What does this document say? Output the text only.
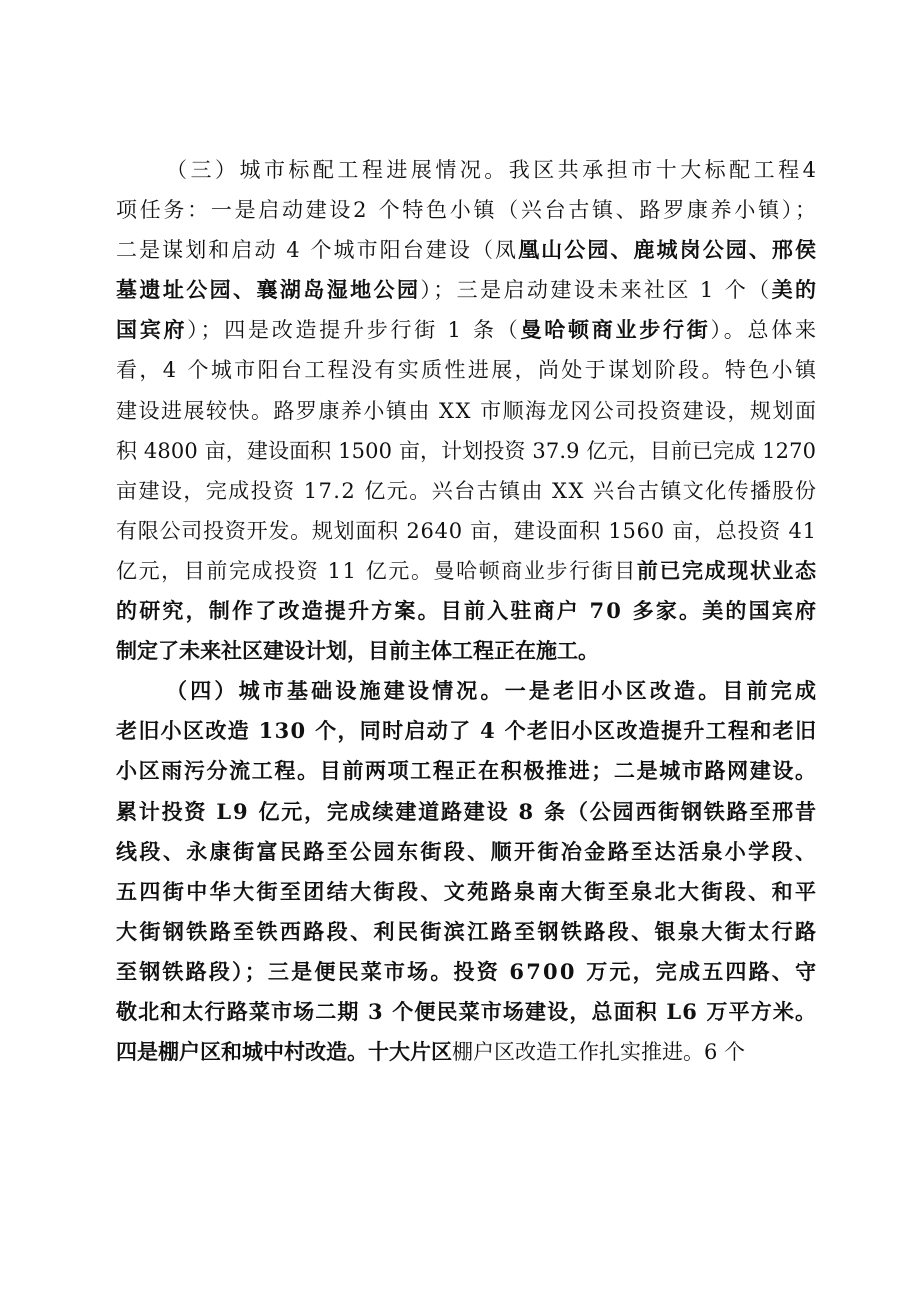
（三）城市标配工程进展情况。我区共承担市十大标配工程4
项任务：一是启动建设2 个特色小镇（兴台古镇、路罗康养小镇）；
二是谋划和启动 4 个城市阳台建设（凤凰山公园、鹿城岗公园、邢侯
墓遗址公园、襄湖岛湿地公园）；三是启动建设未来社区 1 个（美的
国宾府）；四是改造提升步行街 1 条（曼哈顿商业步行街）。总体来
看，4 个城市阳台工程没有实质性进展，尚处于谋划阶段。特色小镇
建设进展较快。路罗康养小镇由 XX 市顺海龙冈公司投资建设，规划面
积 4800 亩，建设面积 1500 亩，计划投资 37.9 亿元，目前已完成 1270
亩建设，完成投资 17.2 亿元。兴台古镇由 XX 兴台古镇文化传播股份
有限公司投资开发。规划面积 2640 亩，建设面积 1560 亩，总投资 41
亿元，目前完成投资 11 亿元。曼哈顿商业步行街目前已完成现状业态
的研究，制作了改造提升方案。目前入驻商户 70 多家。美的国宾府
制定了未来社区建设计划，目前主体工程正在施工。
（四）城市基础设施建设情况。一是老旧小区改造。目前完成
老旧小区改造 130 个，同时启动了 4 个老旧小区改造提升工程和老旧
小区雨污分流工程。目前两项工程正在积极推进；二是城市路网建设。
累计投资 L9 亿元，完成续建道路建设 8 条（公园西街钢铁路至邢昔
线段、永康街富民路至公园东街段、顺开街冶金路至达活泉小学段、
五四街中华大街至团结大街段、文苑路泉南大街至泉北大街段、和平
大街钢铁路至铁西路段、利民街滨江路至钢铁路段、银泉大街太行路
至钢铁路段）；三是便民菜市场。投资 6700 万元，完成五四路、守
敬北和太行路菜市场二期 3 个便民菜市场建设，总面积 L6 万平方米。
四是棚户区和城中村改造。十大片区棚户区改造工作扎实推进。6 个
